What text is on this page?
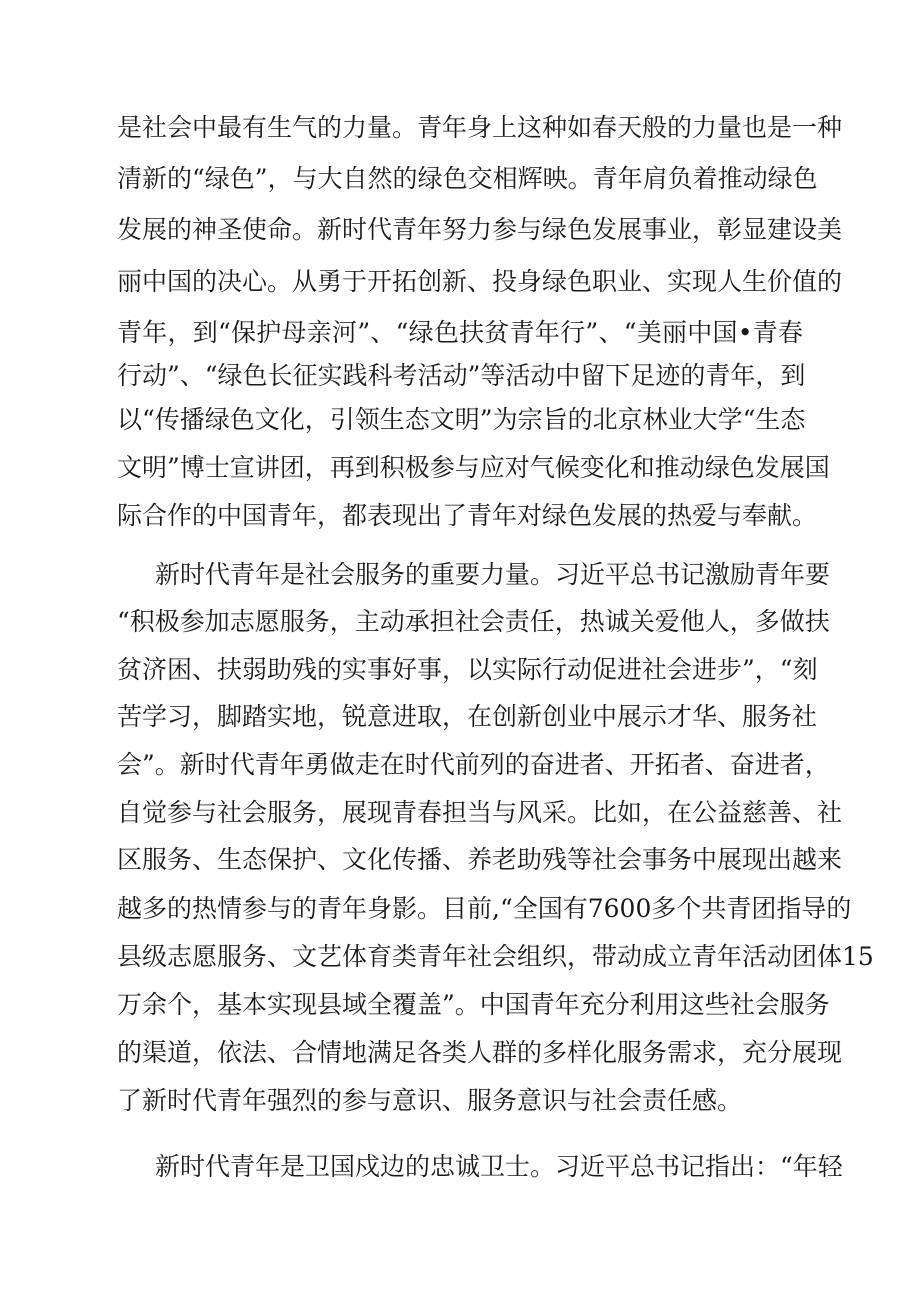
是社会中最有生气的力量。青年身上这种如春天般的力量也是一种
清新的“绿色”，与大自然的绿色交相辉映。青年肩负着推动绿色
发展的神圣使命。新时代青年努力参与绿色发展事业，彰显建设美
丽中国的决心。从勇于开拓创新、投身绿色职业、实现人生价值的
青年，到“保护母亲河”、“绿色扶贫青年行”、“美丽中国•青春
行动”、“绿色长征实践科考活动”等活动中留下足迹的青年，到
以“传播绿色文化，引领生态文明”为宗旨的北京林业大学“生态
文明”博士宣讲团，再到积极参与应对气候变化和推动绿色发展国
际合作的中国青年，都表现出了青年对绿色发展的热爱与奉献。
新时代青年是社会服务的重要力量。习近平总书记激励青年要
“积极参加志愿服务，主动承担社会责任，热诚关爱他人，多做扶
贫济困、扶弱助残的实事好事，以实际行动促进社会进步”，“刻
苦学习，脚踏实地，锐意进取，在创新创业中展示才华、服务社
会”。新时代青年勇做走在时代前列的奋进者、开拓者、奋进者，
自觉参与社会服务，展现青春担当与风采。比如，在公益慈善、社
区服务、生态保护、文化传播、养老助残等社会事务中展现出越来
越多的热情参与的青年身影。目前,“全国有7600多个共青团指导的
县级志愿服务、文艺体育类青年社会组织，带动成立青年活动团体15
万余个，基本实现县域全覆盖”。中国青年充分利用这些社会服务
的渠道，依法、合情地满足各类人群的多样化服务需求，充分展现
了新时代青年强烈的参与意识、服务意识与社会责任感。
新时代青年是卫国戍边的忠诚卫士。习近平总书记指出：“年轻
